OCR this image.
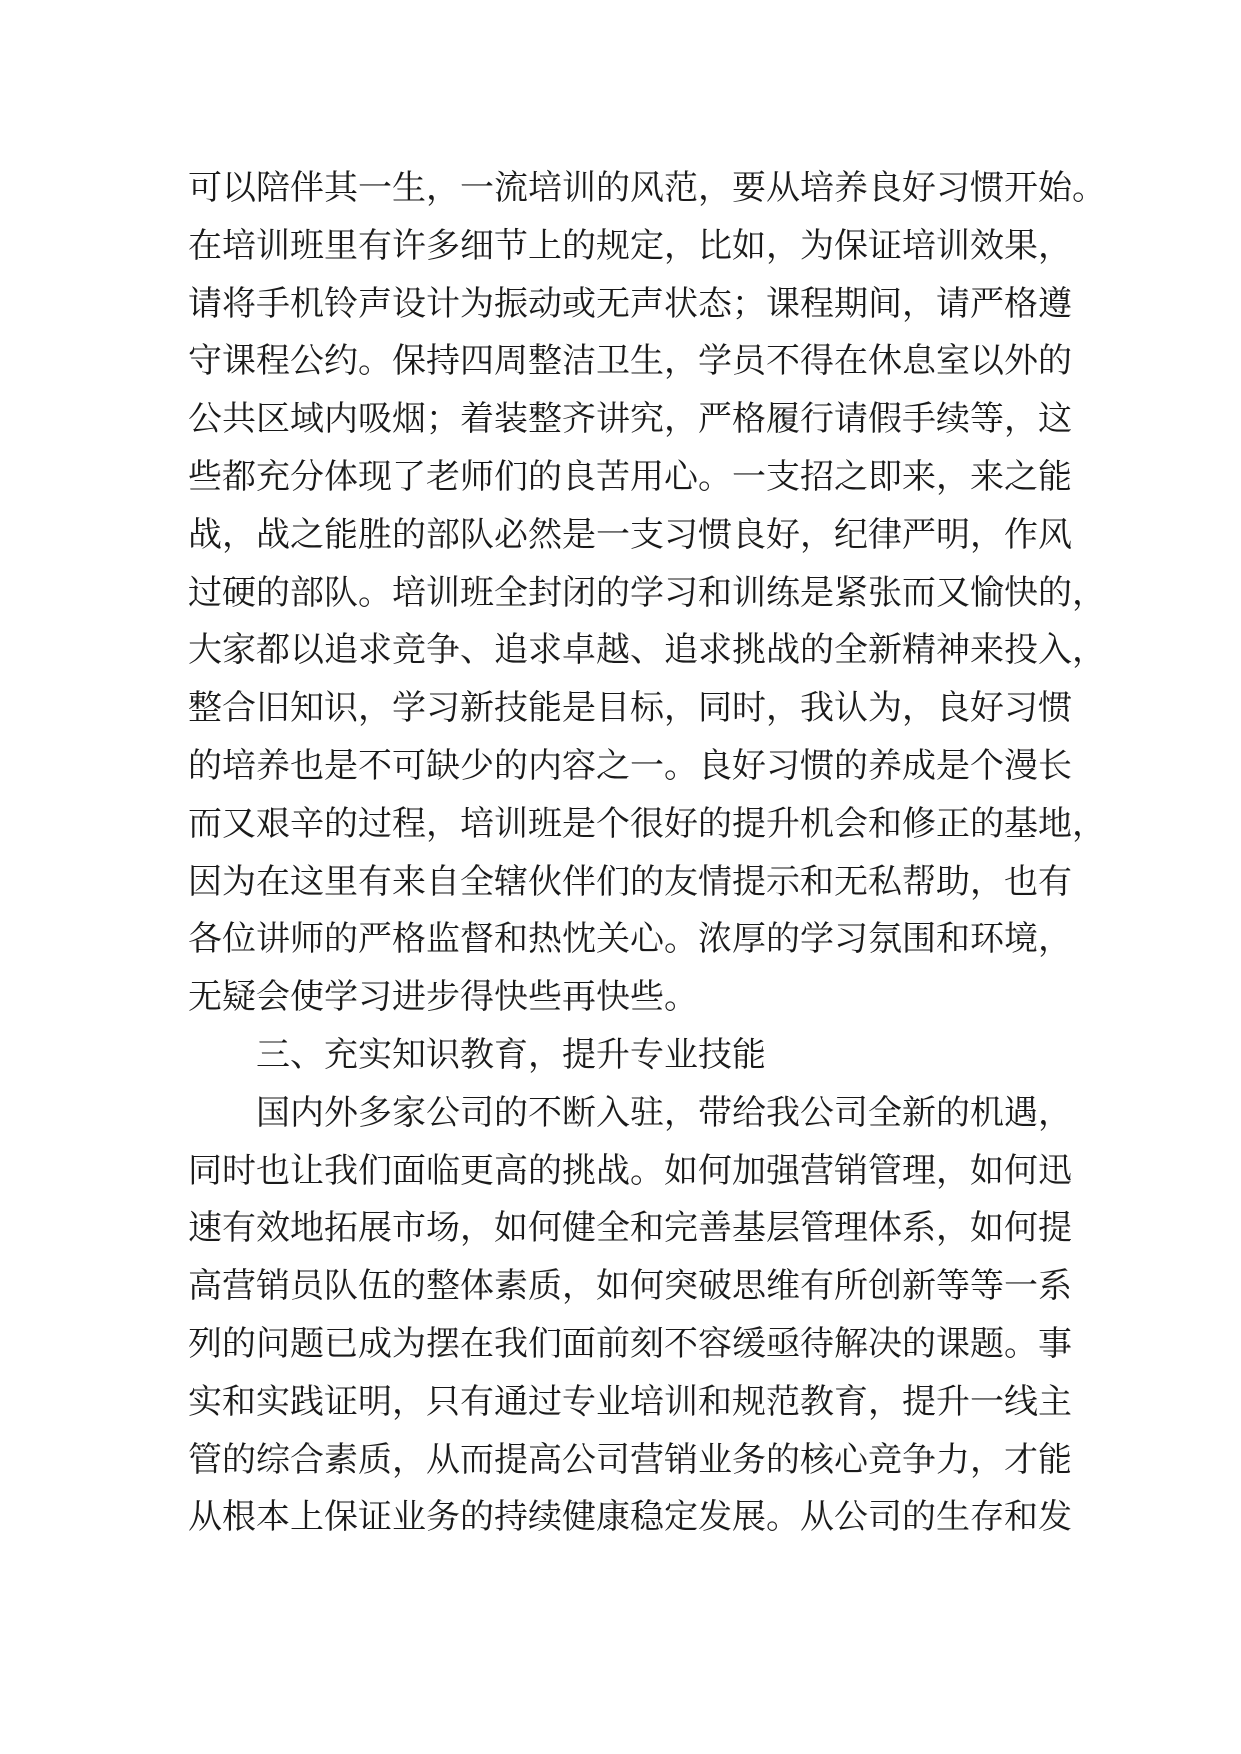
可以陪伴其一生，一流培训的风范，要从培养良好习惯开始。
在培训班里有许多细节上的规定，比如，为保证培训效果，
请将手机铃声设计为振动或无声状态；课程期间，请严格遵
守课程公约。保持四周整洁卫生，学员不得在休息室以外的
公共区域内吸烟；着装整齐讲究，严格履行请假手续等，这
些都充分体现了老师们的良苦用心。一支招之即来，来之能
战，战之能胜的部队必然是一支习惯良好，纪律严明，作风
过硬的部队。培训班全封闭的学习和训练是紧张而又愉快的，
大家都以追求竞争、追求卓越、追求挑战的全新精神来投入，
整合旧知识，学习新技能是目标，同时，我认为，良好习惯
的培养也是不可缺少的内容之一。良好习惯的养成是个漫长
而又艰辛的过程，培训班是个很好的提升机会和修正的基地，
因为在这里有来自全辖伙伴们的友情提示和无私帮助，也有
各位讲师的严格监督和热忱关心。浓厚的学习氛围和环境，
无疑会使学习进步得快些再快些。
三、充实知识教育，提升专业技能
国内外多家公司的不断入驻，带给我公司全新的机遇，
同时也让我们面临更高的挑战。如何加强营销管理，如何迅
速有效地拓展市场，如何健全和完善基层管理体系，如何提
高营销员队伍的整体素质，如何突破思维有所创新等等一系
列的问题已成为摆在我们面前刻不容缓亟待解决的课题。事
实和实践证明，只有通过专业培训和规范教育，提升一线主
管的综合素质，从而提高公司营销业务的核心竞争力，才能
从根本上保证业务的持续健康稳定发展。从公司的生存和发
